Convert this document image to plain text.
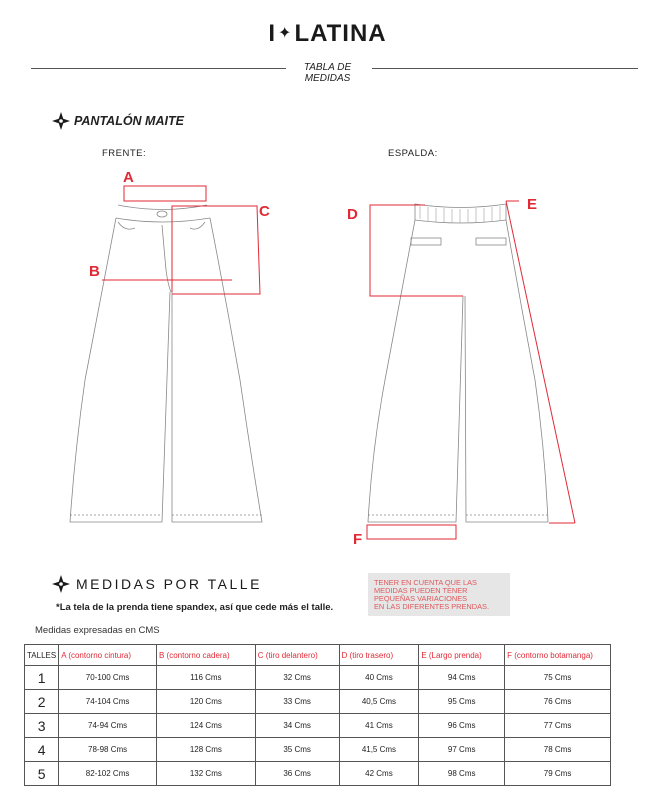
I ✦LATINA
TABLA DE
MEDIDAS
PANTALÓN MAITE
FRENTE:	ESPALDA:
A
B
C	D
E
F
MEDIDAS POR TALLE
*La tela de la prenda tiene spandex, así que cede más el talle.
TENER EN CUENTA QUE LAS
MEDIDAS PUEDEN TENER
PEQUEÑAS VARIACIONES
EN LAS DIFERENTES PRENDAS.
Medidas expresadas en CMS
TALLES	A (contorno cintura)	B (contorno cadera)	C (tiro delantero)	D (tiro trasero)	E (Largo prenda)	F (contorno botamanga)
1	70-100 Cms	116 Cms	32 Cms	40 Cms	94 Cms	75 Cms
2	74-104 Cms	120 Cms	33 Cms	40,5 Cms	95 Cms	76 Cms
3	74-94 Cms	124 Cms	34 Cms	41 Cms	96 Cms	77 Cms
4	78-98 Cms	128 Cms	35 Cms	41,5 Cms	97 Cms	78 Cms
5	82-102 Cms	132 Cms	36 Cms	42 Cms	98 Cms	79 Cms
